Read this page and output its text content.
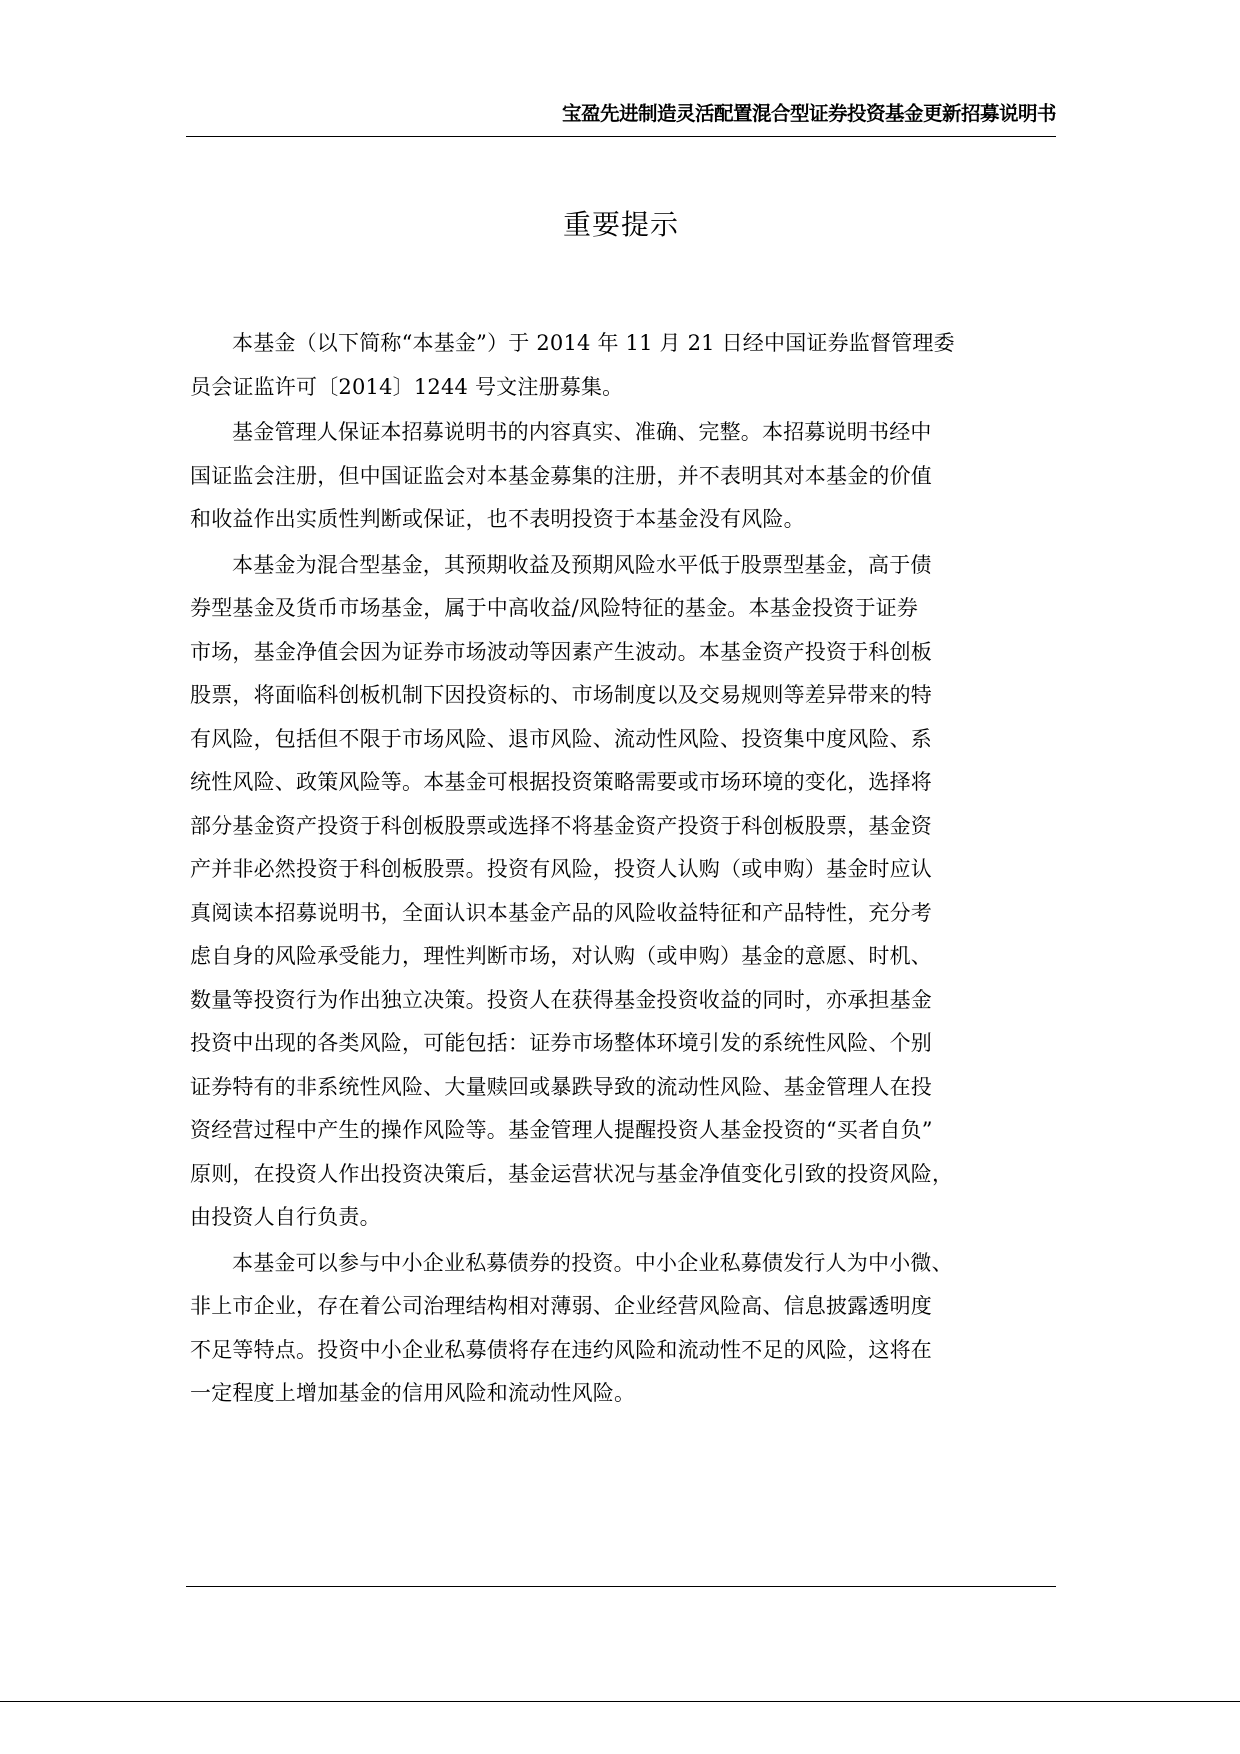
宝盈先进制造灵活配置混合型证券投资基金更新招募说明书
重要提示

本基金（以下简称“本基金”）于 2014 年 11 月 21 日经中国证券监督管理委
员会证监许可〔2014〕1244 号文注册募集。

基金管理人保证本招募说明书的内容真实、准确、完整。本招募说明书经中
国证监会注册，但中国证监会对本基金募集的注册，并不表明其对本基金的价值
和收益作出实质性判断或保证，也不表明投资于本基金没有风险。

本基金为混合型基金，其预期收益及预期风险水平低于股票型基金，高于债
券型基金及货币市场基金，属于中高收益/风险特征的基金。本基金投资于证券
市场，基金净值会因为证券市场波动等因素产生波动。本基金资产投资于科创板
股票，将面临科创板机制下因投资标的、市场制度以及交易规则等差异带来的特
有风险，包括但不限于市场风险、退市风险、流动性风险、投资集中度风险、系
统性风险、政策风险等。本基金可根据投资策略需要或市场环境的变化，选择将
部分基金资产投资于科创板股票或选择不将基金资产投资于科创板股票，基金资
产并非必然投资于科创板股票。投资有风险，投资人认购（或申购）基金时应认
真阅读本招募说明书，全面认识本基金产品的风险收益特征和产品特性，充分考
虑自身的风险承受能力，理性判断市场，对认购（或申购）基金的意愿、时机、
数量等投资行为作出独立决策。投资人在获得基金投资收益的同时，亦承担基金
投资中出现的各类风险，可能包括：证券市场整体环境引发的系统性风险、个别
证券特有的非系统性风险、大量赎回或暴跌导致的流动性风险、基金管理人在投
资经营过程中产生的操作风险等。基金管理人提醒投资人基金投资的“买者自负”
原则，在投资人作出投资决策后，基金运营状况与基金净值变化引致的投资风险，
由投资人自行负责。

本基金可以参与中小企业私募债券的投资。中小企业私募债发行人为中小微、
非上市企业，存在着公司治理结构相对薄弱、企业经营风险高、信息披露透明度
不足等特点。投资中小企业私募债将存在违约风险和流动性不足的风险，这将在
一定程度上增加基金的信用风险和流动性风险。
